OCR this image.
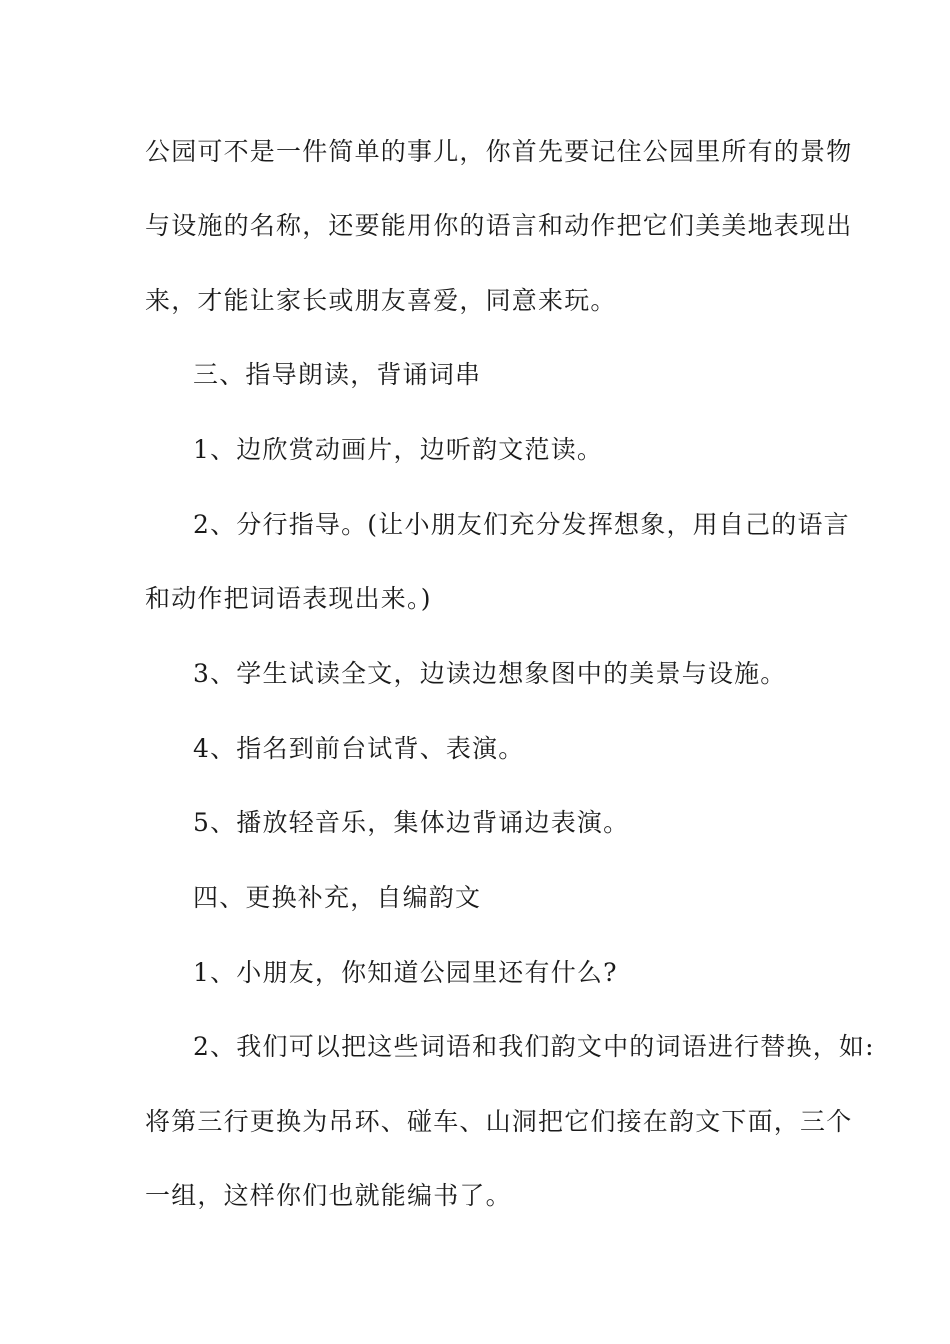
公园可不是一件简单的事儿，你首先要记住公园里所有的景物
与设施的名称，还要能用你的语言和动作把它们美美地表现出
来，才能让家长或朋友喜爱，同意来玩。
三、指导朗读，背诵词串
1、边欣赏动画片，边听韵文范读。
2、分行指导。(让小朋友们充分发挥想象，用自己的语言
和动作把词语表现出来。)
3、学生试读全文，边读边想象图中的美景与设施。
4、指名到前台试背、表演。
5、播放轻音乐，集体边背诵边表演。
四、更换补充，自编韵文
1、小朋友，你知道公园里还有什么?
2、我们可以把这些词语和我们韵文中的词语进行替换，如:
将第三行更换为吊环、碰车、山洞把它们接在韵文下面，三个
一组，这样你们也就能编书了。
